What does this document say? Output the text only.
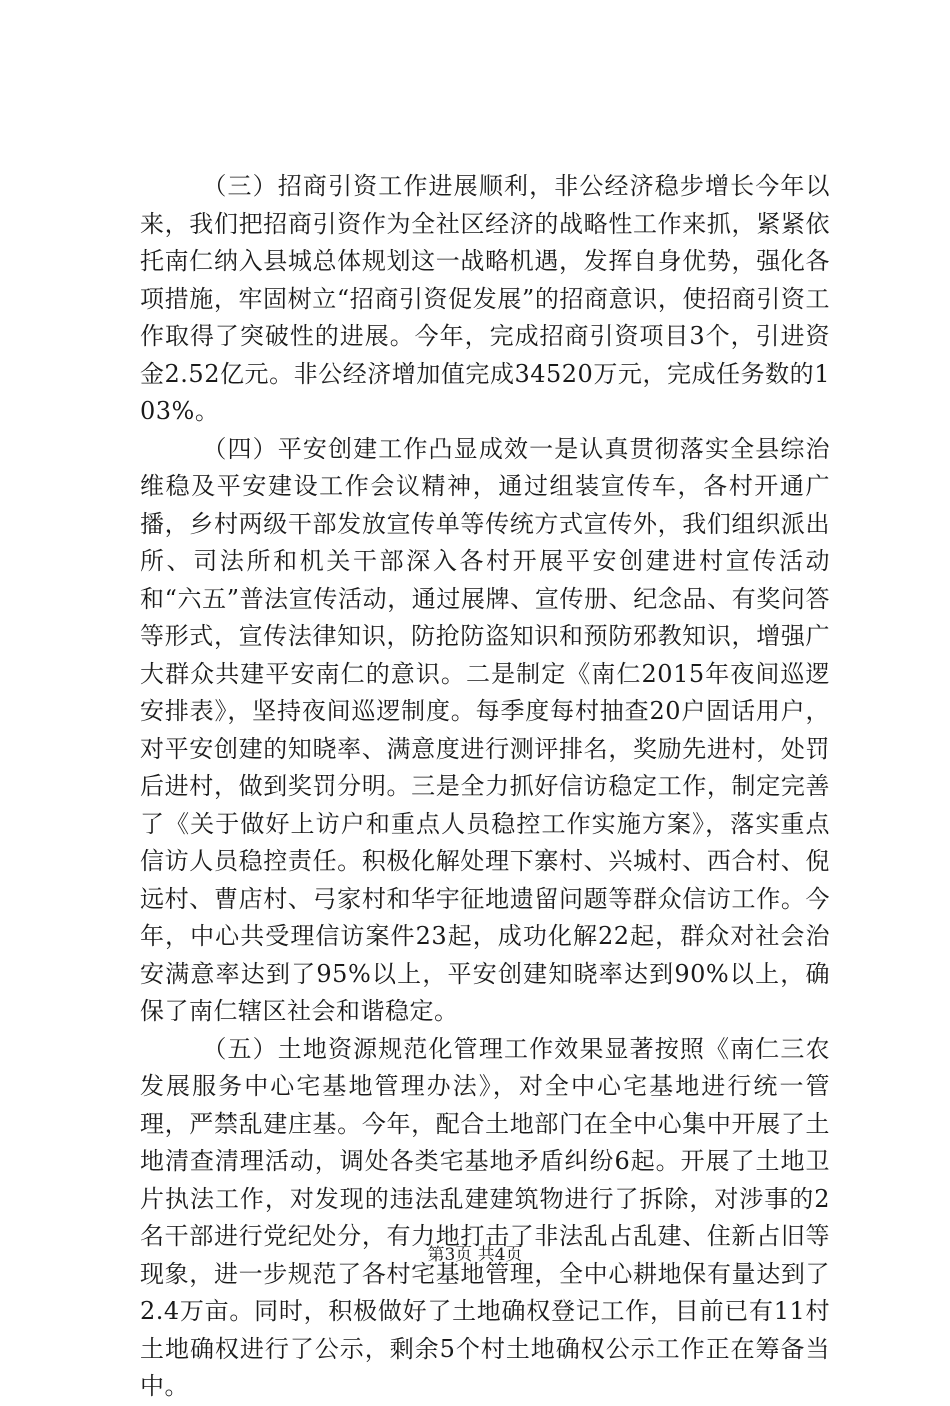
（三）招商引资工作进展顺利，非公经济稳步增长今年以来，我们把招商引资作为全社区经济的战略性工作来抓，紧紧依托南仁纳入县城总体规划这一战略机遇，发挥自身优势，强化各项措施，牢固树立“招商引资促发展”的招商意识，使招商引资工作取得了突破性的进展。今年，完成招商引资项目3个，引进资金2.52亿元。非公经济增加值完成34520万元，完成任务数的103%。

（四）平安创建工作凸显成效一是认真贯彻落实全县综治维稳及平安建设工作会议精神，通过组装宣传车，各村开通广播，乡村两级干部发放宣传单等传统方式宣传外，我们组织派出所、司法所和机关干部深入各村开展平安创建进村宣传活动和“六五”普法宣传活动，通过展牌、宣传册、纪念品、有奖问答等形式，宣传法律知识，防抢防盗知识和预防邪教知识，增强广大群众共建平安南仁的意识。二是制定《南仁2015年夜间巡逻安排表》，坚持夜间巡逻制度。每季度每村抽查20户固话用户，对平安创建的知晓率、满意度进行测评排名，奖励先进村，处罚后进村，做到奖罚分明。三是全力抓好信访稳定工作，制定完善了《关于做好上访户和重点人员稳控工作实施方案》，落实重点信访人员稳控责任。积极化解处理下寨村、兴城村、西合村、倪远村、曹店村、弓家村和华宇征地遗留问题等群众信访工作。今年，中心共受理信访案件23起，成功化解22起，群众对社会治安满意率达到了95%以上，平安创建知晓率达到90%以上，确保了南仁辖区社会和谐稳定。

（五）土地资源规范化管理工作效果显著按照《南仁三农发展服务中心宅基地管理办法》，对全中心宅基地进行统一管理，严禁乱建庄基。今年，配合土地部门在全中心集中开展了土地清查清理活动，调处各类宅基地矛盾纠纷6起。开展了土地卫片执法工作，对发现的违法乱建建筑物进行了拆除，对涉事的2名干部进行党纪处分，有力地打击了非法乱占乱建、住新占旧等现象，进一步规范了各村宅基地管理，全中心耕地保有量达到了2.4万亩。同时，积极做好了土地确权登记工作，目前已有11村土地确权进行了公示，剩余5个村土地确权公示工作正在筹备当中。

第3页 共4页
